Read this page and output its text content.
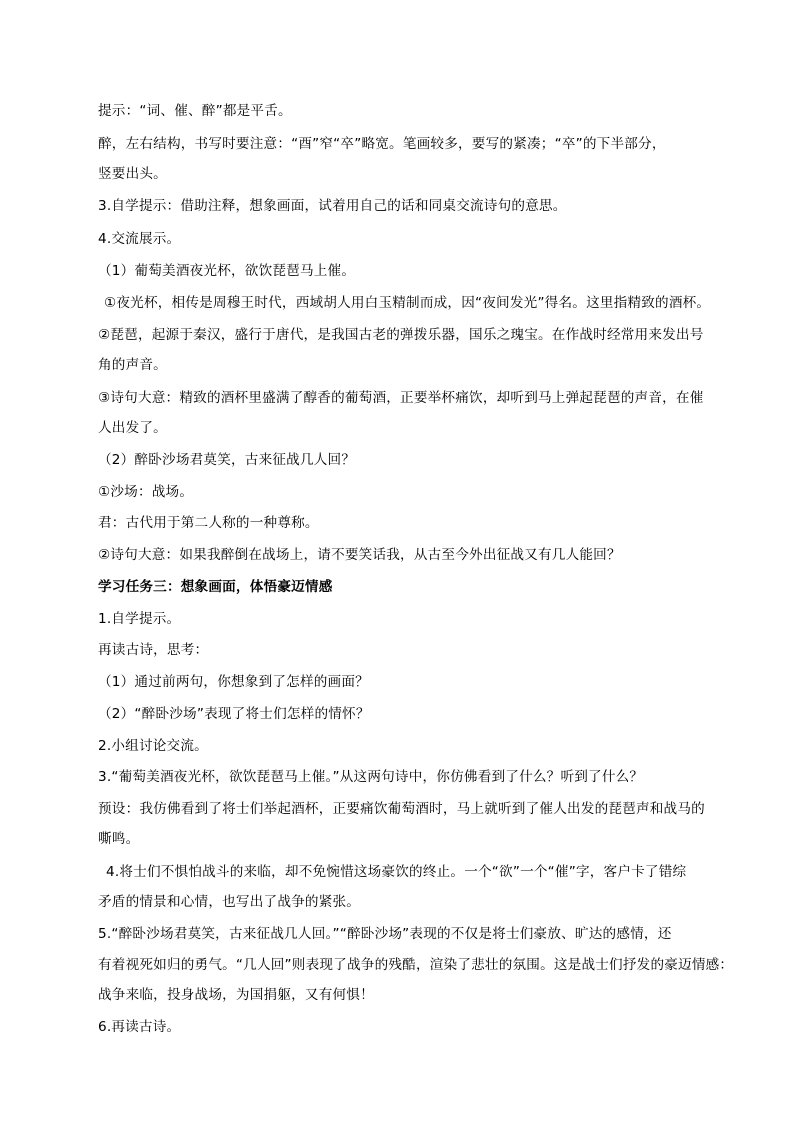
提示：“词、催、醉”都是平舌。
醉，左右结构，书写时要注意：“酉”窄“卒”略宽。笔画较多，要写的紧凑；“卒”的下半部分，
竖要出头。
3.自学提示：借助注释，想象画面，试着用自己的话和同桌交流诗句的意思。
4.交流展示。
（1）葡萄美酒夜光杯，欲饮琵琶马上催。
①夜光杯，相传是周穆王时代，西域胡人用白玉精制而成，因“夜间发光”得名。这里指精致的酒杯。
②琵琶，起源于秦汉，盛行于唐代，是我国古老的弹拨乐器，国乐之瑰宝。在作战时经常用来发出号
角的声音。
③诗句大意：精致的酒杯里盛满了醇香的葡萄酒，正要举杯痛饮，却听到马上弹起琵琶的声音，在催
人出发了。
（2）醉卧沙场君莫笑，古来征战几人回？
①沙场：战场。
君：古代用于第二人称的一种尊称。
②诗句大意：如果我醉倒在战场上，请不要笑话我，从古至今外出征战又有几人能回？
学习任务三：想象画面，体悟豪迈情感
1.自学提示。
再读古诗，思考：
（1）通过前两句，你想象到了怎样的画面？
（2）“醉卧沙场”表现了将士们怎样的情怀？
2.小组讨论交流。
3.“葡萄美酒夜光杯，欲饮琵琶马上催。”从这两句诗中，你仿佛看到了什么？听到了什么？
预设：我仿佛看到了将士们举起酒杯，正要痛饮葡萄酒时，马上就听到了催人出发的琵琶声和战马的
嘶鸣。
4.将士们不惧怕战斗的来临，却不免惋惜这场豪饮的终止。一个“欲”一个“催”字，客户卡了错综
矛盾的情景和心情，也写出了战争的紧张。
5.“醉卧沙场君莫笑，古来征战几人回。”“醉卧沙场”表现的不仅是将士们豪放、旷达的感情，还
有着视死如归的勇气。“几人回”则表现了战争的残酷，渲染了悲壮的氛围。这是战士们抒发的豪迈情感：
战争来临，投身战场，为国捐躯，又有何惧！
6.再读古诗。
